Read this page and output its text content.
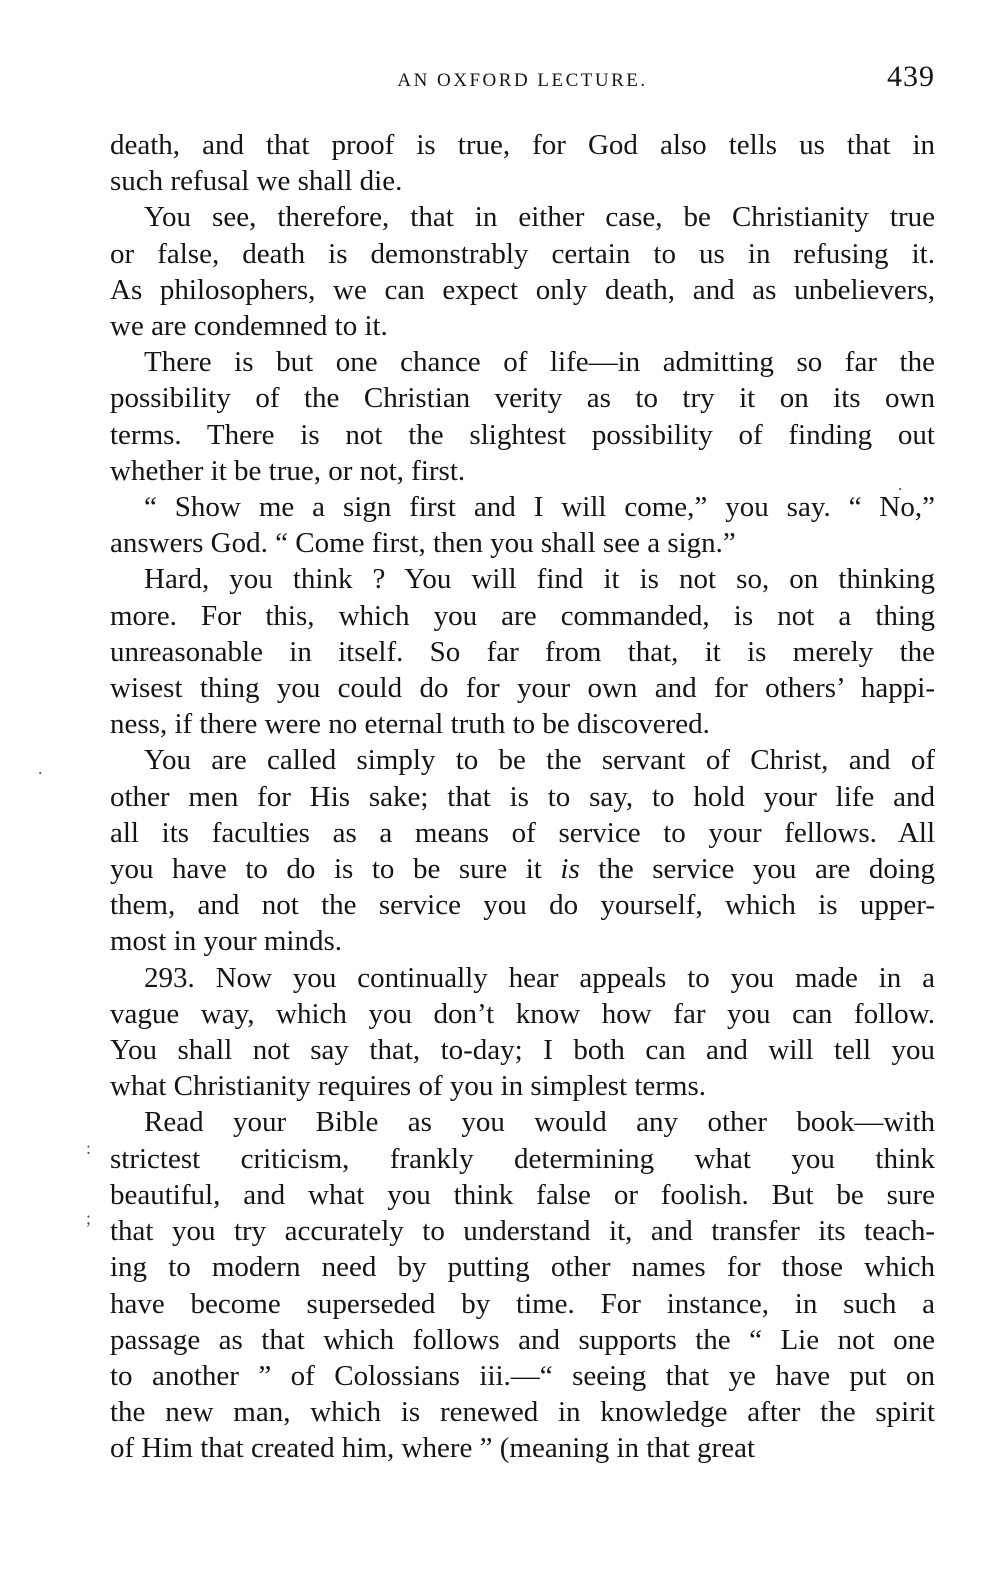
AN OXFORD LECTURE.	439
death, and that proof is true, for God also tells us that in
such refusal we shall die.
You see, therefore, that in either case, be Christianity true
or false, death is demonstrably certain to us in refusing it.
As philosophers, we can expect only death, and as unbelievers,
we are condemned to it.
There is but one chance of life—in admitting so far the
possibility of the Christian verity as to try it on its own
terms. There is not the slightest possibility of finding out
whether it be true, or not, first.
“ Show me a sign first and I will come,” you say. “ No,”
answers God. “ Come first, then you shall see a sign.”
Hard, you think ? You will find it is not so, on thinking
more. For this, which you are commanded, is not a thing
unreasonable in itself. So far from that, it is merely the
wisest thing you could do for your own and for others’ happi-
ness, if there were no eternal truth to be discovered.
You are called simply to be the servant of Christ, and of
other men for His sake; that is to say, to hold your life and
all its faculties as a means of service to your fellows. All
you have to do is to be sure it is the service you are doing
them, and not the service you do yourself, which is upper-
most in your minds.
293. Now you continually hear appeals to you made in a
vague way, which you don’t know how far you can follow.
You shall not say that, to-day; I both can and will tell you
what Christianity requires of you in simplest terms.
Read your Bible as you would any other book—with
strictest criticism, frankly determining what you think
beautiful, and what you think false or foolish. But be sure
that you try accurately to understand it, and transfer its teach-
ing to modern need by putting other names for those which
have become superseded by time. For instance, in such a
passage as that which follows and supports the “ Lie not one
to another ” of Colossians iii.—“ seeing that ye have put on
the new man, which is renewed in knowledge after the spirit
of Him that created him, where ” (meaning in that great
.
.
:
;
